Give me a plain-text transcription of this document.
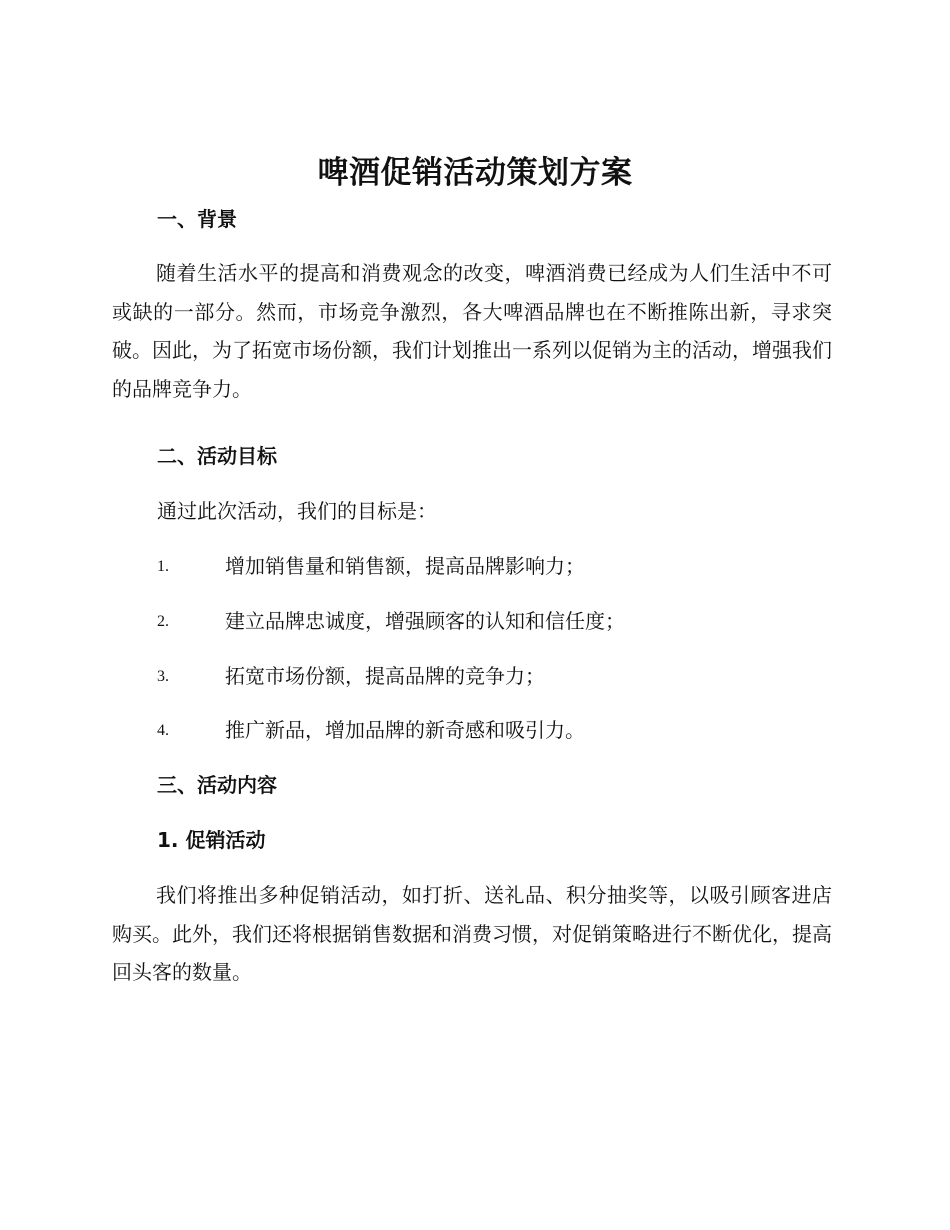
啤酒促销活动策划方案
一、背景

随着生活水平的提高和消费观念的改变，啤酒消费已经成为人们生活中不可或缺的一部分。然而，市场竞争激烈，各大啤酒品牌也在不断推陈出新，寻求突破。因此，为了拓宽市场份额，我们计划推出一系列以促销为主的活动，增强我们的品牌竞争力。

二、活动目标
通过此次活动，我们的目标是：
1.	增加销售量和销售额，提高品牌影响力；
2.	建立品牌忠诚度，增强顾客的认知和信任度；
3.	拓宽市场份额，提高品牌的竞争力；
4.	推广新品，增加品牌的新奇感和吸引力。
三、活动内容
1. 促销活动

我们将推出多种促销活动，如打折、送礼品、积分抽奖等，以吸引顾客进店购买。此外，我们还将根据销售数据和消费习惯，对促销策略进行不断优化，提高回头客的数量。
